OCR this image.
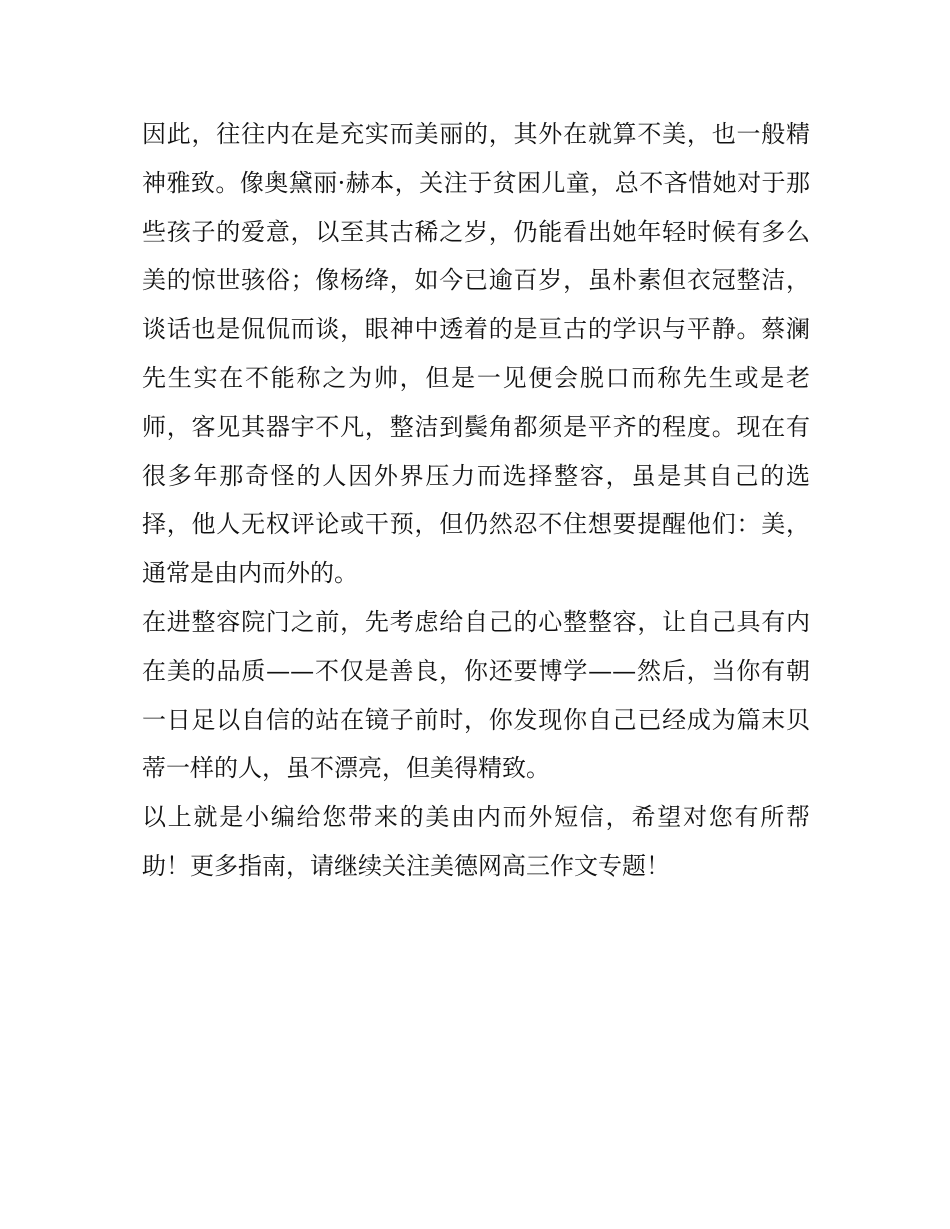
因此，往往内在是充实而美丽的，其外在就算不美，也一般精神雅致。像奥黛丽·赫本，关注于贫困儿童，总不吝惜她对于那些孩子的爱意，以至其古稀之岁，仍能看出她年轻时候有多么美的惊世骇俗；像杨绛，如今已逾百岁，虽朴素但衣冠整洁，谈话也是侃侃而谈，眼神中透着的是亘古的学识与平静。蔡澜先生实在不能称之为帅，但是一见便会脱口而称先生或是老师，客见其器宇不凡，整洁到鬓角都须是平齐的程度。现在有很多年那奇怪的人因外界压力而选择整容，虽是其自己的选择，他人无权评论或干预，但仍然忍不住想要提醒他们：美，通常是由内而外的。

在进整容院门之前，先考虑给自己的心整整容，让自己具有内在美的品质——不仅是善良，你还要博学——然后，当你有朝一日足以自信的站在镜子前时，你发现你自己已经成为篇末贝蒂一样的人，虽不漂亮，但美得精致。

以上就是小编给您带来的美由内而外短信，希望对您有所帮助！更多指南，请继续关注美德网高三作文专题！
